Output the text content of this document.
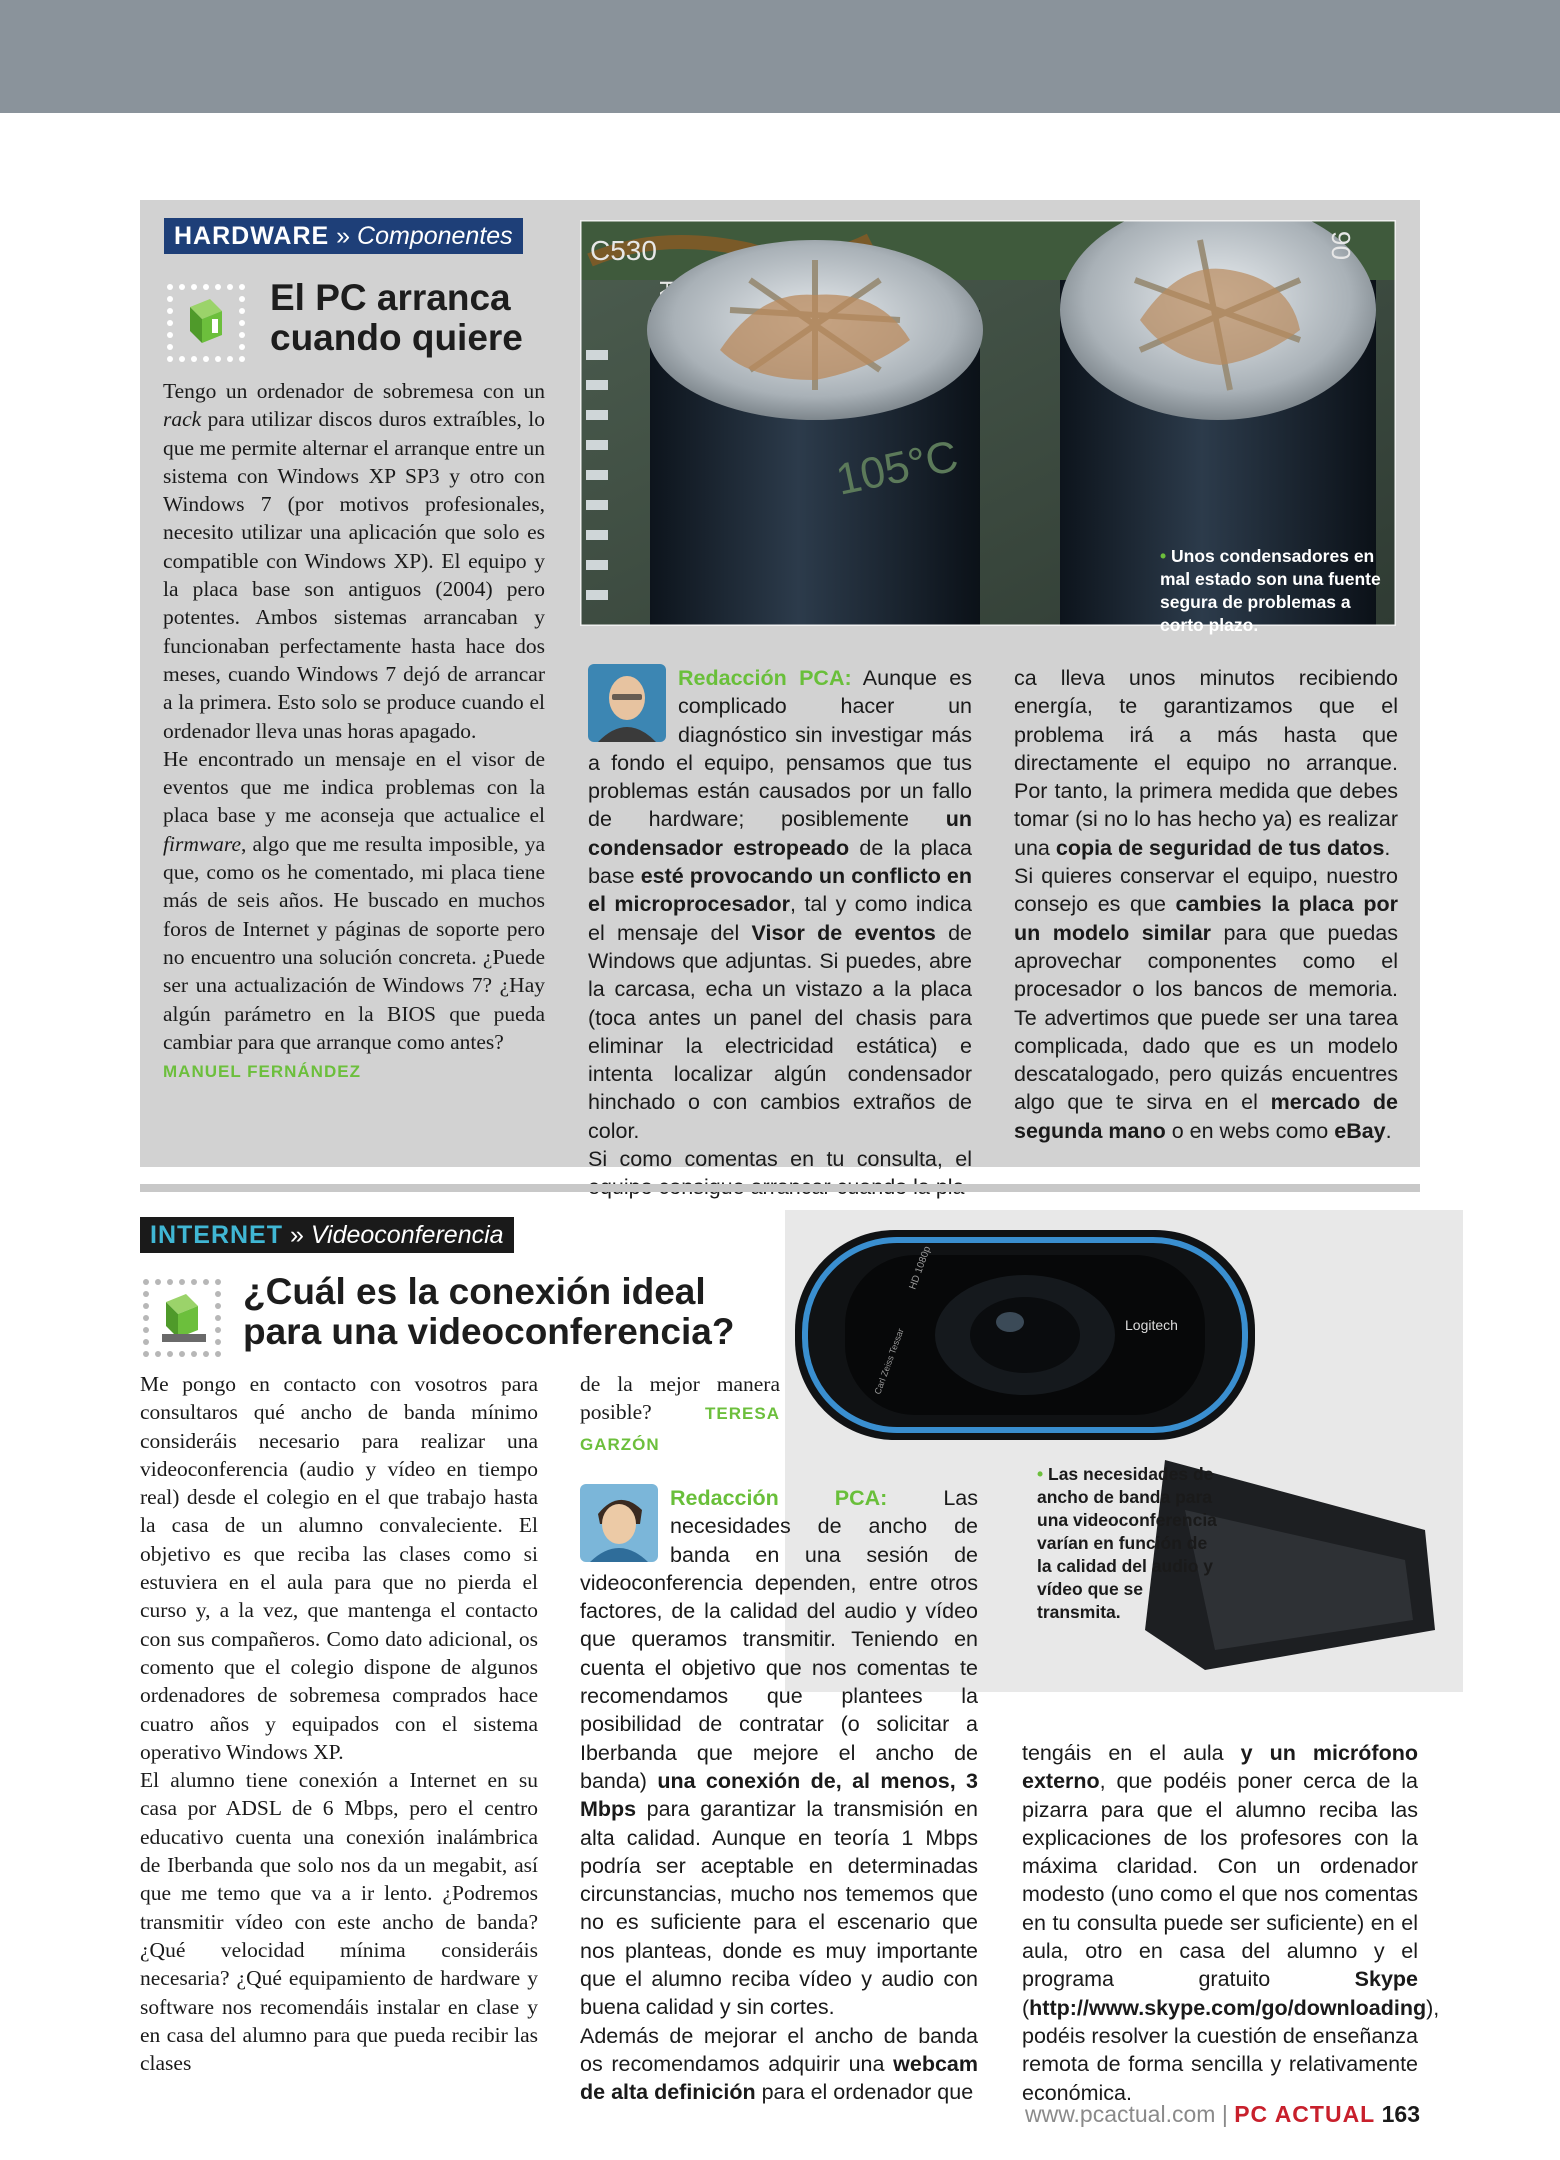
HARDWARE » Componentes
El PC arranca
cuando quiere

Tengo un ordenador de sobremesa con un rack para utilizar discos duros extraíbles, lo que me permite alternar el arranque entre un sistema con Windows XP SP3 y otro con Windows 7 (por motivos profesionales, necesito utilizar una aplicación que solo es compatible con Windows XP). El equipo y la placa base son antiguos (2004) pero potentes. Ambos sistemas arrancaban y funcionaban perfectamente hasta hace dos meses, cuando Windows 7 dejó de arrancar a la primera. Esto solo se produce cuando el ordenador lleva unas horas apagado.

He encontrado un mensaje en el visor de eventos que me indica problemas con la placa base y me aconseja que actualice el firmware, algo que me resulta imposible, ya que, como os he comentado, mi placa tiene más de seis años. He buscado en muchos foros de Internet y páginas de soporte pero no encuentro una solución concreta. ¿Puede ser una actualización de Windows 7? ¿Hay algún parámetro en la BIOS que pueda cambiar para que arranque como antes?

MANUEL FERNÁNDEZ

C530
105°C
06
• Unos condensadores en mal estado son una fuente segura de problemas a corto plazo.

Redacción PCA: Aunque es complicado hacer un diagnóstico sin investigar más a fondo el equipo, pensamos que tus problemas están causados por un fallo de hardware; posiblemente un condensador estropeado de la placa base esté provocando un conflicto en el microprocesador, tal y como indica el mensaje del Visor de eventos de Windows que adjuntas. Si puedes, abre la carcasa, echa un vistazo a la placa (toca antes un panel del chasis para eliminar la electricidad estática) e intenta localizar algún condensador hinchado o con cambios extraños de color.

Si como comentas en tu consulta, el

ca lleva unos minutos recibiendo energía, te garantizamos que el problema irá a más hasta que directamente el equipo no arranque. Por tanto, la primera medida que debes tomar (si no lo has hecho ya) es realizar una copia de seguridad de tus datos.

Si quieres conservar el equipo, nuestro consejo es que cambies la placa por un modelo similar para que puedas aprovechar componentes como el procesador o los bancos de memoria. Te advertimos que puede ser una tarea complicada, dado que es un modelo descatalogado, pero quizás encuentres algo que te sirva en el mercado de segunda mano o en webs como eBay.

Logitech
HD 1080p
Carl Zeiss Tessar
• Las necesidades de ancho de banda para una videoconferencia varían en función de la calidad del audio y vídeo que se transmita.
INTERNET » Videoconferencia
¿Cuál es la conexión ideal
para una videoconferencia?

Me pongo en contacto con vosotros para consultaros qué ancho de banda mínimo consideráis necesario para realizar una videoconferencia (audio y vídeo en tiempo real) desde el colegio en el que trabajo hasta la casa de un alumno convaleciente. El objetivo es que reciba las clases como si estuviera en el aula para que no pierda el curso y, a la vez, que mantenga el contacto con sus compañeros. Como dato adicional, os comento que el colegio dispone de algunos ordenadores de sobremesa comprados hace cuatro años y equipados con el sistema operativo Windows XP.

El alumno tiene conexión a Internet en su casa por ADSL de 6 Mbps, pero el centro educativo cuenta una conexión inalámbrica de Iberbanda que solo nos da un megabit, así que me temo que va a ir lento. ¿Podremos transmitir vídeo con este ancho de banda? ¿Qué velocidad mínima consideráis necesaria? ¿Qué equipamiento de hardware y software nos recomendáis instalar en clase y en casa del alumno para que pueda recibir las clases

de la mejor manera posible?	TERESA GARZÓN

Redacción PCA: Las necesidades de ancho de banda en una sesión de videoconferencia dependen, entre otros factores, de la calidad del audio y vídeo que queramos transmitir. Teniendo en cuenta el objetivo que nos comentas te recomendamos que plantees la posibilidad de contratar (o solicitar a Iberbanda que mejore el ancho de banda) una conexión de, al menos, 3 Mbps para garantizar la transmisión en alta calidad. Aunque en teoría 1 Mbps podría ser aceptable en determinadas circunstancias, mucho nos tememos que no es suficiente para el escenario que nos planteas, donde es muy importante que el alumno reciba vídeo y audio con buena calidad y sin cortes.

Además de mejorar el ancho de banda os recomendamos adquirir una webcam de alta definición para el ordenador que

tengáis en el aula y un micrófono externo, que podéis poner cerca de la pizarra para que el alumno reciba las explicaciones de los profesores con la máxima claridad. Con un ordenador modesto (uno como el que nos comentas en tu consulta puede ser suficiente) en el aula, otro en casa del alumno y el programa gratuito Skype (http://www.skype.com/go/downloading), podéis resolver la cuestión de enseñanza remota de forma sencilla y relativamente económica.

www.pcactual.com | PC ACTUAL 163
